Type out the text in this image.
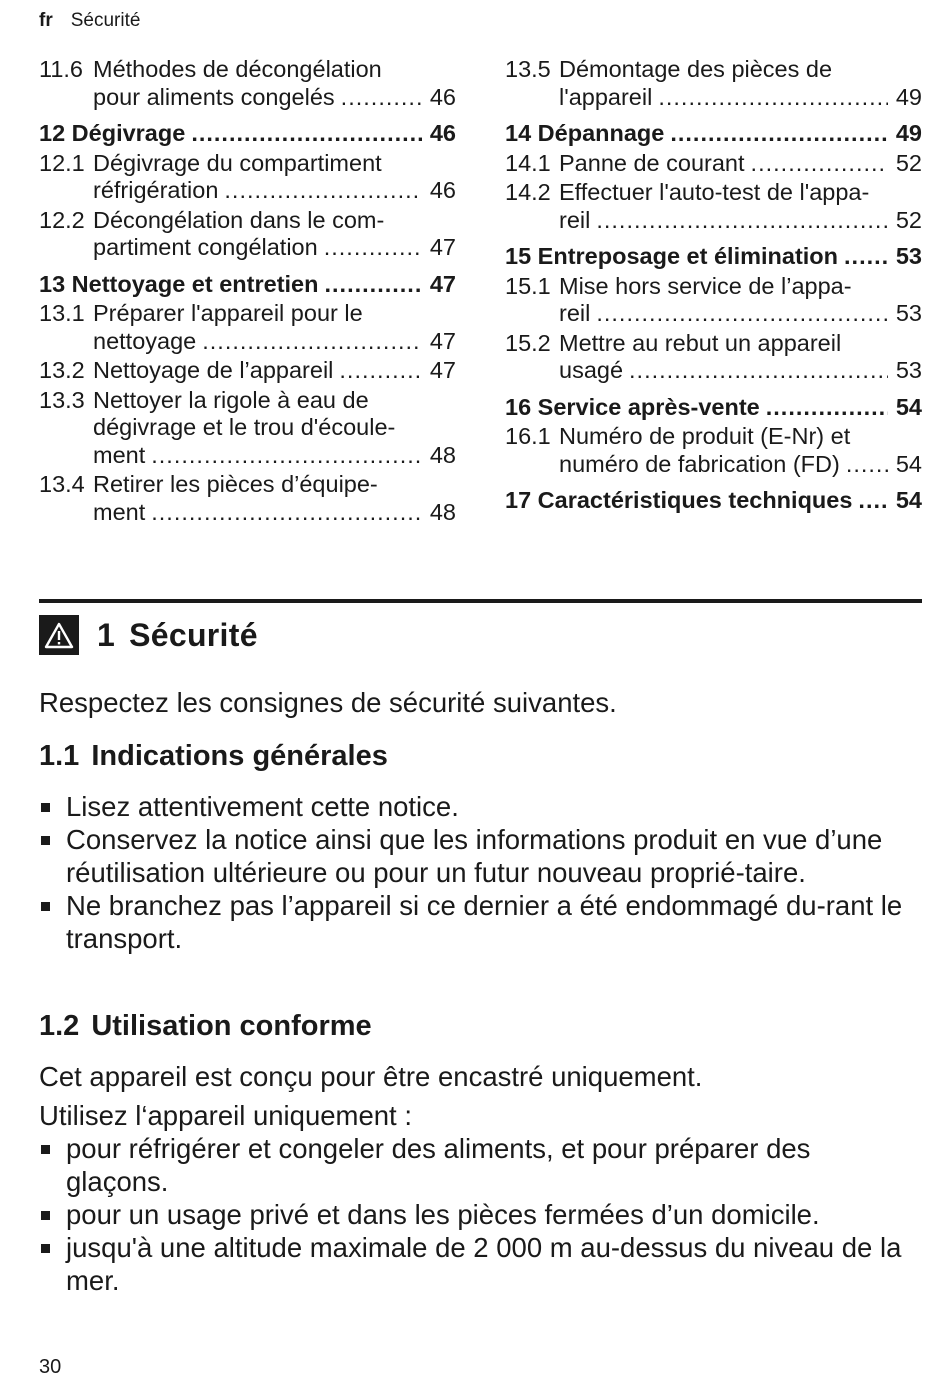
fr Sécurité
11.6 Méthodes de décongélation
pour aliments congelés .....	46
12 Dégivrage .....	46
12.1 Dégivrage du compartiment
réfrigération .....	46
12.2 Décongélation dans le com-
partiment congélation .....	47
13 Nettoyage et entretien .....	47
13.1 Préparer l'appareil pour le
nettoyage .....	47
13.2 Nettoyage de l’appareil .....	47
13.3 Nettoyer la rigole à eau de
dégivrage et le trou d'écoule-
ment .....	48
13.4 Retirer les pièces d’équipe-
ment .....	48
13.5 Démontage des pièces de
l'appareil .....	49
14 Dépannage .....	49
14.1 Panne de courant .....	52
14.2 Effectuer l'auto-test de l'appa-
reil .....	52
15 Entreposage et élimination ..... 53
15.1 Mise hors service de l’appa-
reil .....	53
15.2 Mettre au rebut un appareil
usagé .....	53
16 Service après-vente .....	54
16.1 Numéro de produit (E-Nr) et
numéro de fabrication (FD) ..... 54
17 Caractéristiques techniques ..... 54
1 Sécurité
Respectez les consignes de sécurité suivantes.
1.1 Indications générales
Lisez attentivement cette notice.
Conservez la notice ainsi que les informations produit en vue d’une réutilisation ultérieure ou pour un futur nouveau proprié-taire.
Ne branchez pas l’appareil si ce dernier a été endommagé du-rant le transport.
1.2 Utilisation conforme
Cet appareil est conçu pour être encastré uniquement.
Utilisez l‘appareil uniquement :
pour réfrigérer et congeler des aliments, et pour préparer des glaçons.
pour un usage privé et dans les pièces fermées d’un domicile.
jusqu'à une altitude maximale de 2 000 m au-dessus du niveau de la mer.
30
